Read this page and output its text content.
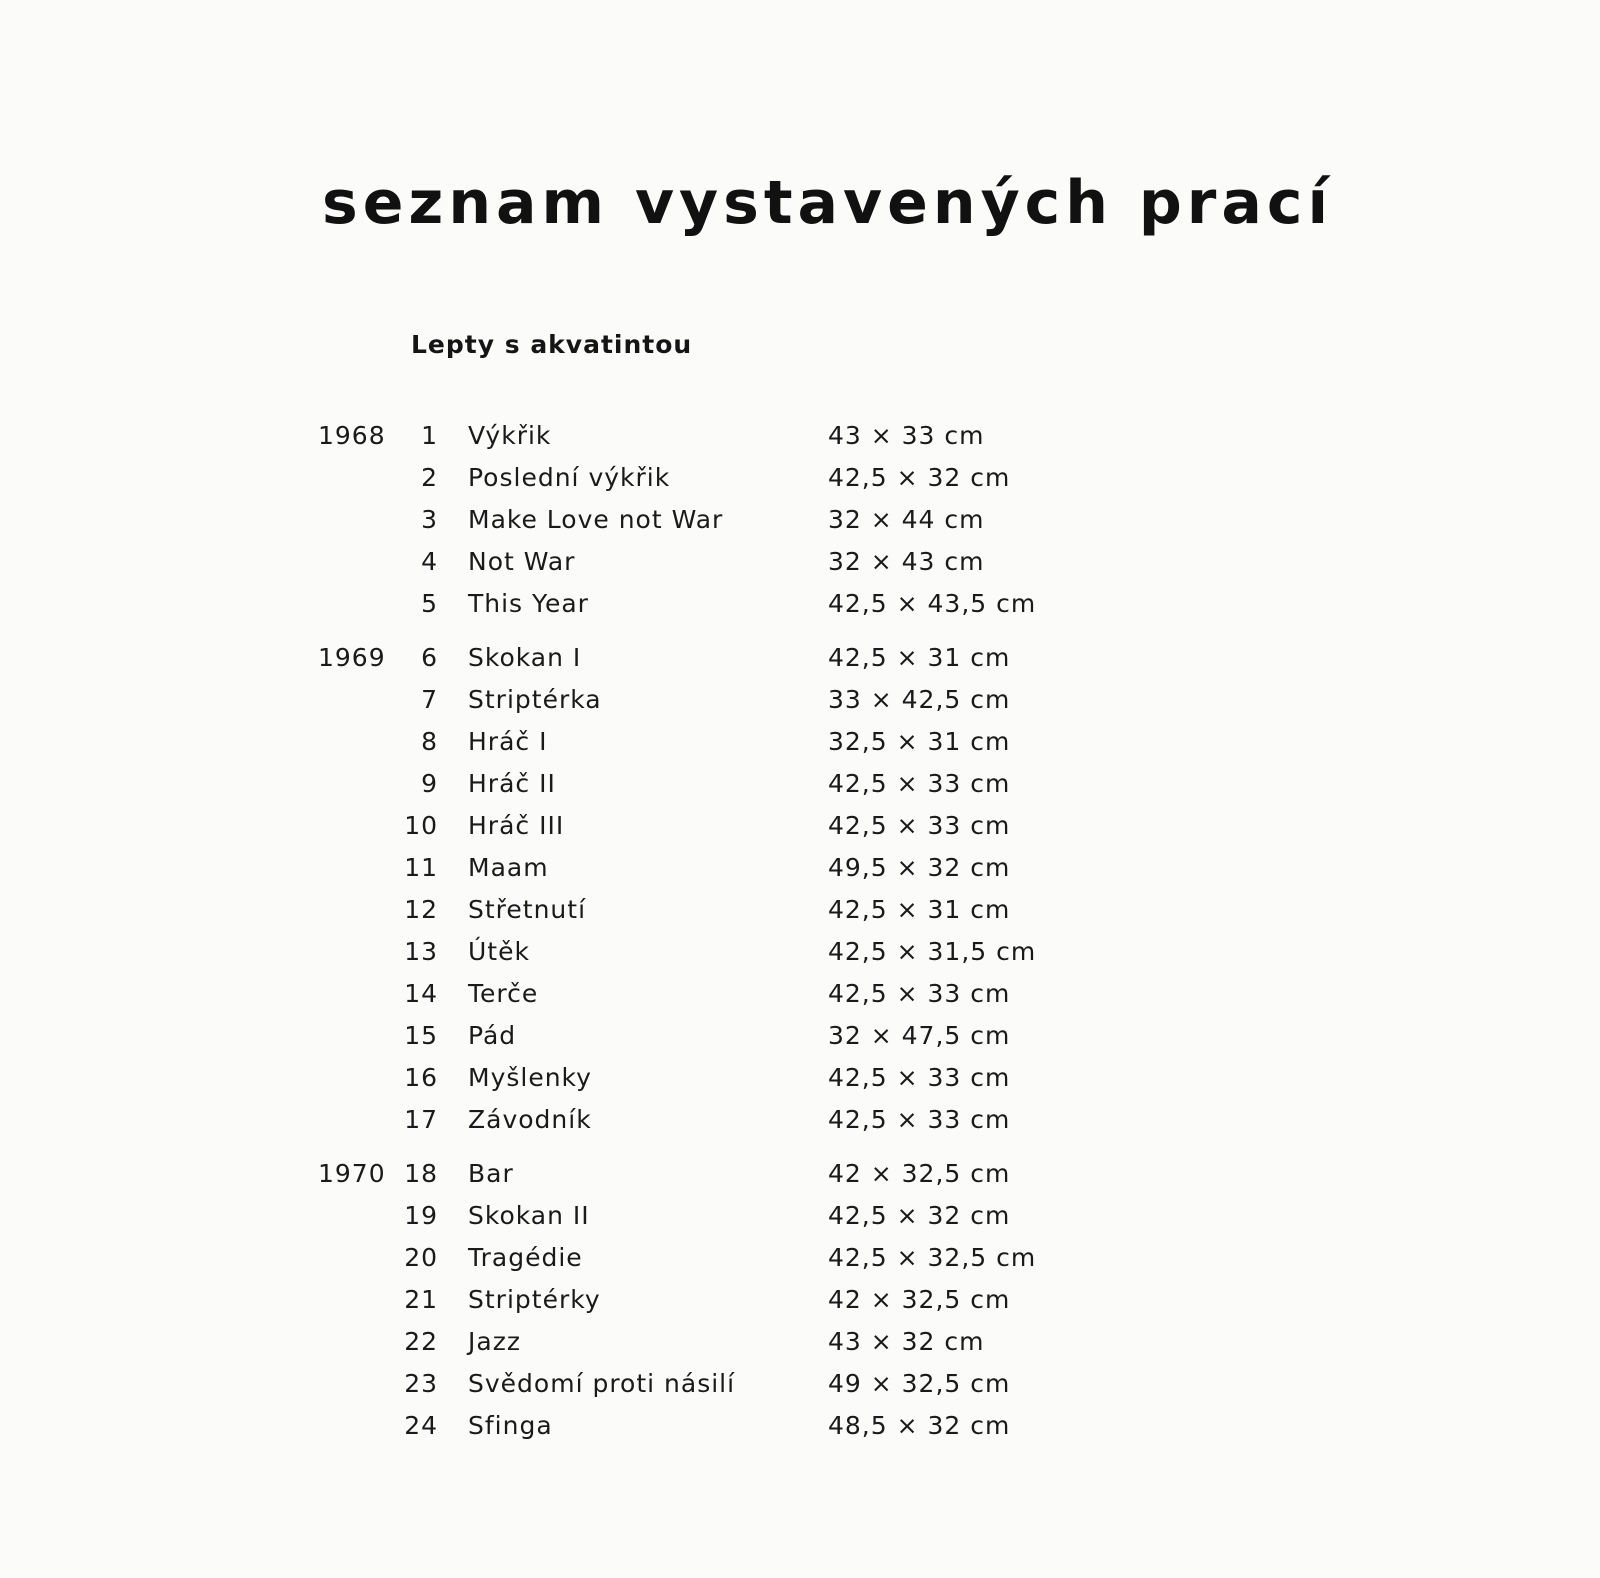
seznam vystavených prací
Lepty s akvatintou
1968	1 Výkřik	43 × 33 cm
2 Poslední výkřik	42,5 × 32 cm
3 Make Love not War	32 × 44 cm
4 Not War	32 × 43 cm
5 This Year	42,5 × 43,5 cm
1969	6 Skokan I	42,5 × 31 cm
7 Striptérka	33 × 42,5 cm
8 Hráč I	32,5 × 31 cm
9 Hráč II	42,5 × 33 cm
10 Hráč III	42,5 × 33 cm
11 Maam	49,5 × 32 cm
12 Střetnutí	42,5 × 31 cm
13 Útěk	42,5 × 31,5 cm
14 Terče	42,5 × 33 cm
15 Pád	32 × 47,5 cm
16 Myšlenky	42,5 × 33 cm
17 Závodník	42,5 × 33 cm
1970 18 Bar	42 × 32,5 cm
19 Skokan II	42,5 × 32 cm
20 Tragédie	42,5 × 32,5 cm
21 Striptérky	42 × 32,5 cm
22 Jazz	43 × 32 cm
23 Svědomí proti násilí	49 × 32,5 cm
24 Sfinga	48,5 × 32 cm
